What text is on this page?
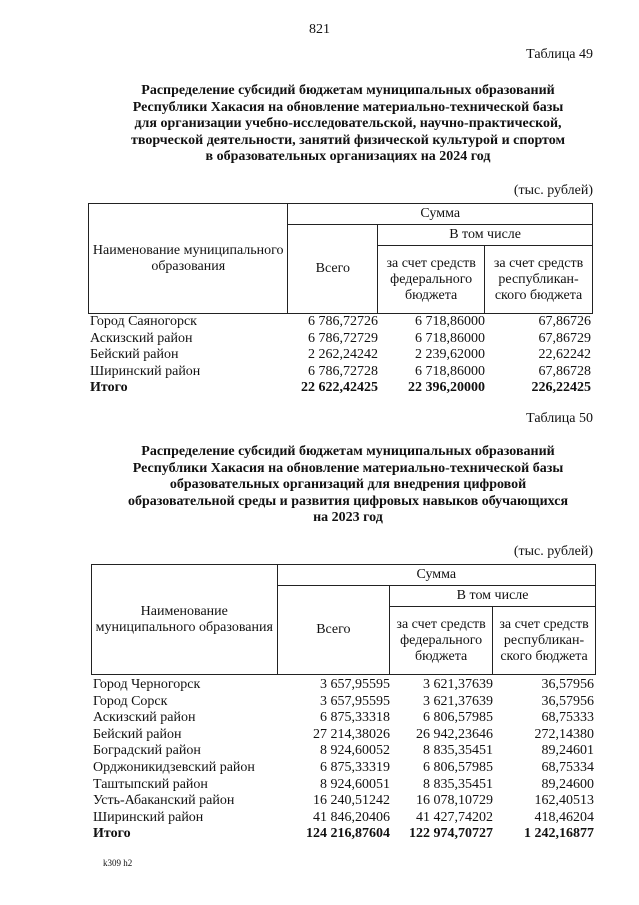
821
Таблица 49
Распределение субсидий бюджетам муниципальных образований
Республики Хакасия на обновление материально-технической базы
для организации учебно-исследовательской, научно-практической,
творческой деятельности, занятий физической культурой и спортом
в образовательных организациях на 2024 год
(тыс. рублей)
Наименование муниципального образования	Сумма		
	Всего	В том числе	
		за счет средств федерального бюджета	за счет средств республикан- ского бюджета
Город Саяногорск	6 786,72726	6 718,86000	67,86726
Аскизский район	6 786,72729	6 718,86000	67,86729
Бейский район	2 262,24242	2 239,62000	22,62242
Ширинский район	6 786,72728	6 718,86000	67,86728
Итого	22 622,42425	22 396,20000	226,22425
Таблица 50
Распределение субсидий бюджетам муниципальных образований
Республики Хакасия на обновление материально-технической базы
образовательных организаций для внедрения цифровой
образовательной среды и развития цифровых навыков обучающихся
на 2023 год
(тыс. рублей)
Наименование муниципального образования	Сумма		
	Всего	В том числе	
		за счет средств федерального бюджета	за счет средств республикан- ского бюджета
Город Черногорск	3 657,95595	3 621,37639	36,57956
Город Сорск	3 657,95595	3 621,37639	36,57956
Аскизский район	6 875,33318	6 806,57985	68,75333
Бейский район	27 214,38026	26 942,23646	272,14380
Боградский район	8 924,60052	8 835,35451	89,24601
Орджоникидзевский район	6 875,33319	6 806,57985	68,75334
Таштыпский район	8 924,60051	8 835,35451	89,24600
Усть-Абаканский район	16 240,51242	16 078,10729	162,40513
Ширинский район	41 846,20406	41 427,74202	418,46204
Итого	124 216,87604	122 974,70727	1 242,16877
k309 h2
